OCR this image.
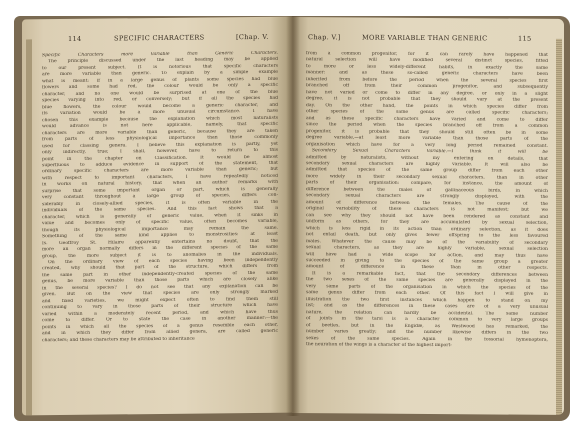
114	SPECIFIC CHARACTERS	[Chap. V.
Specific Characters more Variable than Generic Characters.
The principle discussed under the last heading may be applied
to our present subject. It is notorious that specific characters
are more variable than generic. To explain by a simple example
what is meant: if in a large genus of plants some species had blue
flowers and some had red, the colour would be only a specific
character, and no one would be surprised at one of the blue
species varying into red, or conversely; but if all the species had
blue flowers, the colour would become a generic character, and
its variation would be a more unusual circumstance. I have
chosen this example because the explanation which most naturalists
would advance is not here applicable, namely, that specific
characters are more variable than generic, because they are taken
from parts of less physiological importance than those commonly
used for classing genera. I believe this explanation is partly, yet
only indirectly, true; I shall, however, have to return to this
point in the chapter on Classification. It would be almost
superfluous to adduce evidence in support of the statement, that
ordinary specific characters are more variable than generic; but
with respect to important characters, I have repeatedly noticed
in works on natural history, that when an author remarks with
surprise that some important organ or part, which is generally
very constant throughout a large group of species, differs con-
siderably in closely-allied species, it is often variable in the
individuals of the same species. And this fact shows that a
character, which is generally of generic value, when it sinks in
value and becomes only of specific value, often becomes variable,
though its physiological importance may remain the same.
Something of the same kind applies to monstrosities: at least
Is. Geoffroy St. Hilaire apparently entertains no doubt, that the
more an organ normally differs in the different species of the same
group, the more subject it is to anomalies in the individuals.
On the ordinary view of each species having been independently
created, why should that part of the structure, which differs from
the same part in other independently-created species of the same
genus, be more variable than those parts which are closely alike
in the several species? I do not see that any explanation can be
given. But on the view that species are only strongly marked
and fixed varieties, we might expect often to find them still
continuing to vary in those parts of their structure which have
varied within a moderately recent period, and which have thus
come to differ. Or to state the case in another manner:—the
points in which all the species of a genus resemble each other,
and in which they differ from allied genera, are called generic
characters; and these characters may be attributed to inheritance
Chap. V.]	MORE VARIABLE THAN GENERIC	115
from a common progenitor, for it can rarely have happened that
natural selection will have modified several distinct species, fitted
to more or less widely-different habits, in exactly the same
manner: and as these so-called generic characters have been
inherited from before the period when the several species first
branched off from their common progenitor, and subsequently
have not varied or come to differ in any degree, or only in a slight
degree, it is not probable that they should vary at the present
day. On the other hand, the points in which species differ from
other species of the same genus are called specific characters;
and as these specific characters have varied and come to differ
since the period when the species branched off from a common
progenitor, it is probable that they should still often be in some
degree variable,—at least more variable than those parts of the
organisation which have for a very long period remained constant.
Secondary Sexual Characters Variable.—I think it will be
admitted by naturalists, without my entering on details, that
secondary sexual characters are highly variable. It will also be
admitted that species of the same group differ from each other
more widely in their secondary sexual characters, than in other
parts of their organisation: compare, for instance, the amount of
difference between the males of gallinaceous birds, in which
secondary sexual characters are strongly displayed, with the
amount of difference between the females. The cause of the
original variability of these characters is not manifest; but we
can see why they should not have been rendered as constant and
uniform as others, for they are accumulated by sexual selection,
which is less rigid in its action than ordinary selection, as it does
not entail death, but only gives fewer offspring to the less favoured
males. Whatever the cause may be of the variability of secondary
sexual characters, as they are highly variable, sexual selection
will have had a wide scope for action, and may thus have
succeeded in giving to the species of the same group a greater
amount of difference in these than in other respects.
It is a remarkable fact, that the secondary differences between
the two sexes of the same species are generally displayed in the
very same parts of the organisation in which the species of the
same genus differ from each other. Of this fact I will give in
illustration the two first instances which happen to stand on my
list; and as the differences in these cases are of a very unusual
nature, the relation can hardly be accidental. The same number
of joints in the tarsi is a character common to very large groups
of beetles, but in the Engidæ, as Westwood has remarked, the
number varies greatly; and the number likewise differs in the two
sexes of the same species. Again in the fossorial hymenoptera,
the neuration of the wings is a character of the highest import-
